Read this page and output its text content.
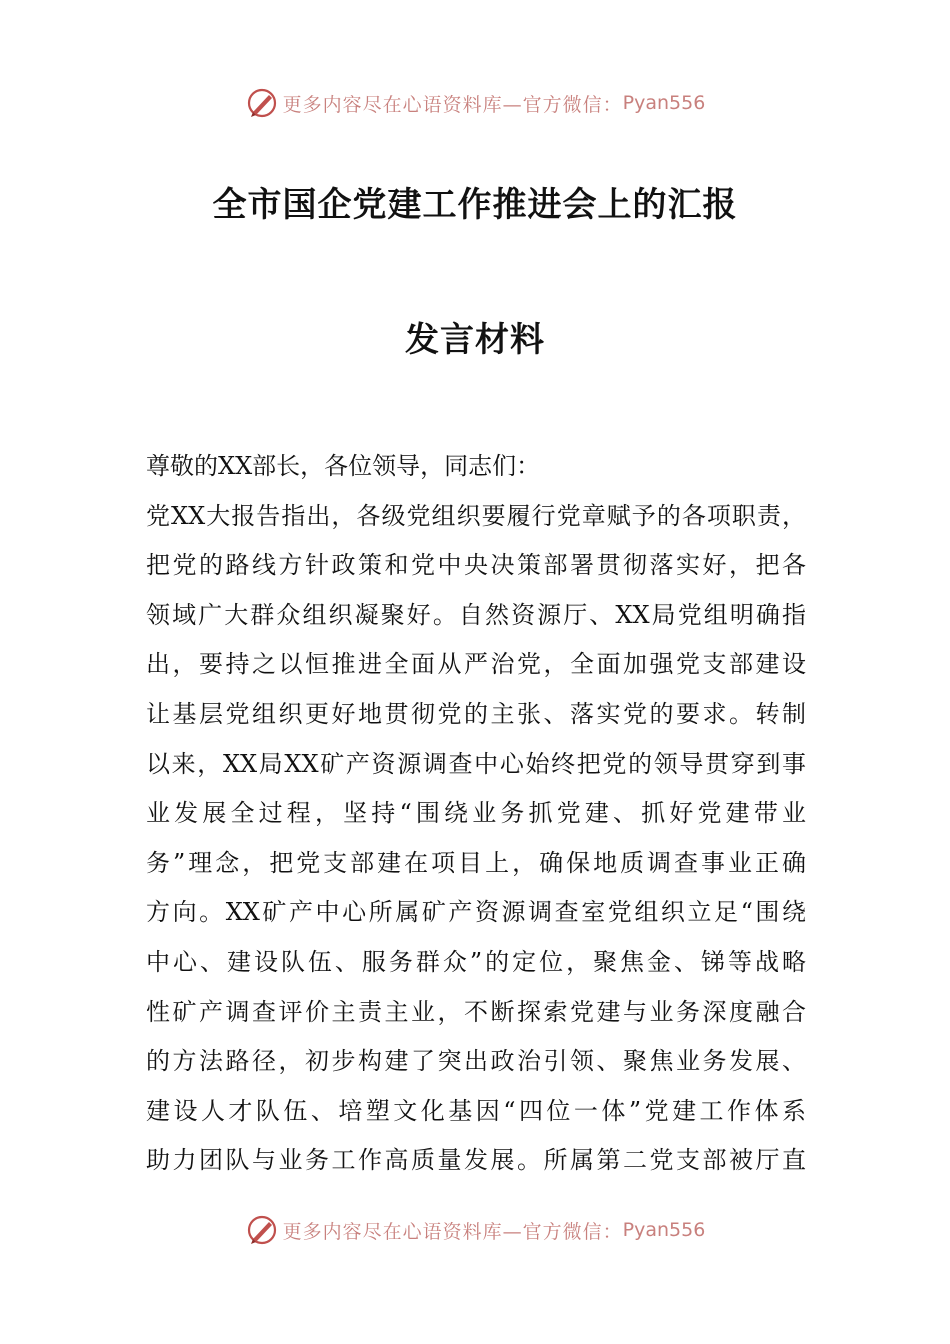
更多内容尽在心语资料库—官方微信： Pyan556
全市国企党建工作推进会上的汇报
发言材料
尊敬的XX部长，各位领导，同志们：
党XX大报告指出，各级党组织要履行党章赋予的各项职责，
把党的路线方针政策和党中央决策部署贯彻落实好，把各
领域广大群众组织凝聚好。自然资源厅、XX局党组明确指
出，要持之以恒推进全面从严治党，全面加强党支部建设
让基层党组织更好地贯彻党的主张、落实党的要求。转制
以来，XX局XX矿产资源调查中心始终把党的领导贯穿到事
业发展全过程，坚持“围绕业务抓党建、抓好党建带业
务”理念，把党支部建在项目上，确保地质调查事业正确
方向。XX矿产中心所属矿产资源调查室党组织立足“围绕
中心、建设队伍、服务群众”的定位，聚焦金、锑等战略
性矿产调查评价主责主业，不断探索党建与业务深度融合
的方法路径，初步构建了突出政治引领、聚焦业务发展、
建设人才队伍、培塑文化基因“四位一体”党建工作体系
助力团队与业务工作高质量发展。所属第二党支部被厅直
更多内容尽在心语资料库—官方微信： Pyan556
